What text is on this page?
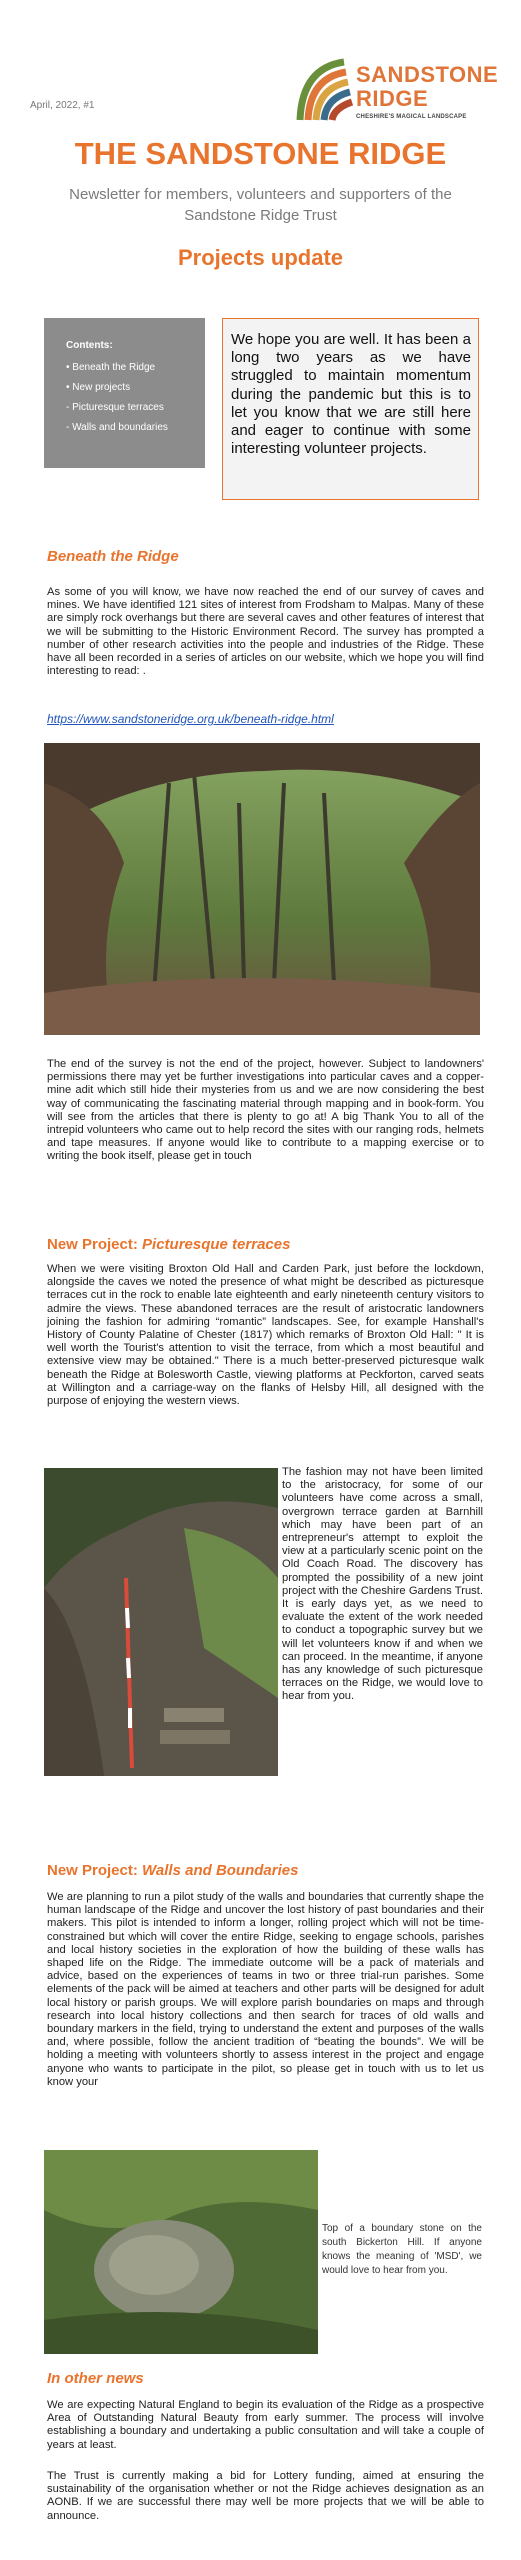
April, 2022, #1
SANDSTONE
RIDGE
CHESHIRE'S MAGICAL LANDSCAPE
THE SANDSTONE RIDGE
Newsletter for members, volunteers and supporters of the Sandstone Ridge Trust
Projects update
Contents:
• Beneath the Ridge
• New projects
- Picturesque terraces
- Walls and boundaries
We hope you are well. It has been a long two years as we have struggled to maintain momentum during the pandemic but this is to let you know that we are still here and eager to continue with some interesting volunteer projects.
Beneath the Ridge
As some of you will know, we have now reached the end of our survey of caves and mines. We have identified 121 sites of interest from Frodsham to Malpas. Many of these are simply rock overhangs but there are several caves and other features of interest that we will be submitting to the Historic Environment Record. The survey has prompted a number of other research activities into the people and industries of the Ridge. These have all been recorded in a series of articles on our website, which we hope you will find interesting to read: .
https://www.sandstoneridge.org.uk/beneath-ridge.html
The end of the survey is not the end of the project, however. Subject to landowners' permissions there may yet be further investigations into particular caves and a copper-mine adit which still hide their mysteries from us and we are now considering the best way of communicating the fascinating material through mapping and in book-form. You will see from the articles that there is plenty to go at! A big Thank You to all of the intrepid volunteers who came out to help record the sites with our ranging rods, helmets and tape measures. If anyone would like to contribute to a mapping exercise or to writing the book itself, please get in touch
New Project: Picturesque terraces
When we were visiting Broxton Old Hall and Carden Park, just before the lockdown, alongside the caves we noted the presence of what might be described as picturesque terraces cut in the rock to enable late eighteenth and early nineteenth century visitors to admire the views. These abandoned terraces are the result of aristocratic landowners joining the fashion for admiring “romantic” landscapes. See, for example Hanshall's History of County Palatine of Chester (1817) which remarks of Broxton Old Hall: " It is well worth the Tourist's attention to visit the terrace, from which a most beautiful and extensive view may be obtained." There is a much better-preserved picturesque walk beneath the Ridge at Bolesworth Castle, viewing platforms at Peckforton, carved seats at Willington and a carriage-way on the flanks of Helsby Hill, all designed with the purpose of enjoying the western views.
The fashion may not have been limited to the aristocracy, for some of our volunteers have come across a small, overgrown terrace garden at Barnhill which may have been part of an entrepreneur's attempt to exploit the view at a particularly scenic point on the Old Coach Road. The discovery has prompted the possibility of a new joint project with the Cheshire Gardens Trust. It is early days yet, as we need to evaluate the extent of the work needed to conduct a topographic survey but we will let volunteers know if and when we can proceed. In the meantime, if anyone has any knowledge of such picturesque terraces on the Ridge, we would love to hear from you.
New Project: Walls and Boundaries
We are planning to run a pilot study of the walls and boundaries that currently shape the human landscape of the Ridge and uncover the lost history of past boundaries and their makers. This pilot is intended to inform a longer, rolling project which will not be time-constrained but which will cover the entire Ridge, seeking to engage schools, parishes and local history societies in the exploration of how the building of these walls has shaped life on the Ridge. The immediate outcome will be a pack of materials and advice, based on the experiences of teams in two or three trial-run parishes. Some elements of the pack will be aimed at teachers and other parts will be designed for adult local history or parish groups. We will explore parish boundaries on maps and through research into local history collections and then search for traces of old walls and boundary markers in the field, trying to understand the extent and purposes of the walls and, where possible, follow the ancient tradition of “beating the bounds”. We will be holding a meeting with volunteers shortly to assess interest in the project and engage anyone who wants to participate in the pilot, so please get in touch with us to let us know your
Top of a boundary stone on the south Bickerton Hill. If anyone knows the meaning of 'MSD', we would love to hear from you.
In other news
We are expecting Natural England to begin its evaluation of the Ridge as a prospective Area of Outstanding Natural Beauty from early summer. The process will involve establishing a boundary and undertaking a public consultation and will take a couple of years at least.
The Trust is currently making a bid for Lottery funding, aimed at ensuring the sustainability of the organisation whether or not the Ridge achieves designation as an AONB. If we are successful there may well be more projects that we will be able to announce.
